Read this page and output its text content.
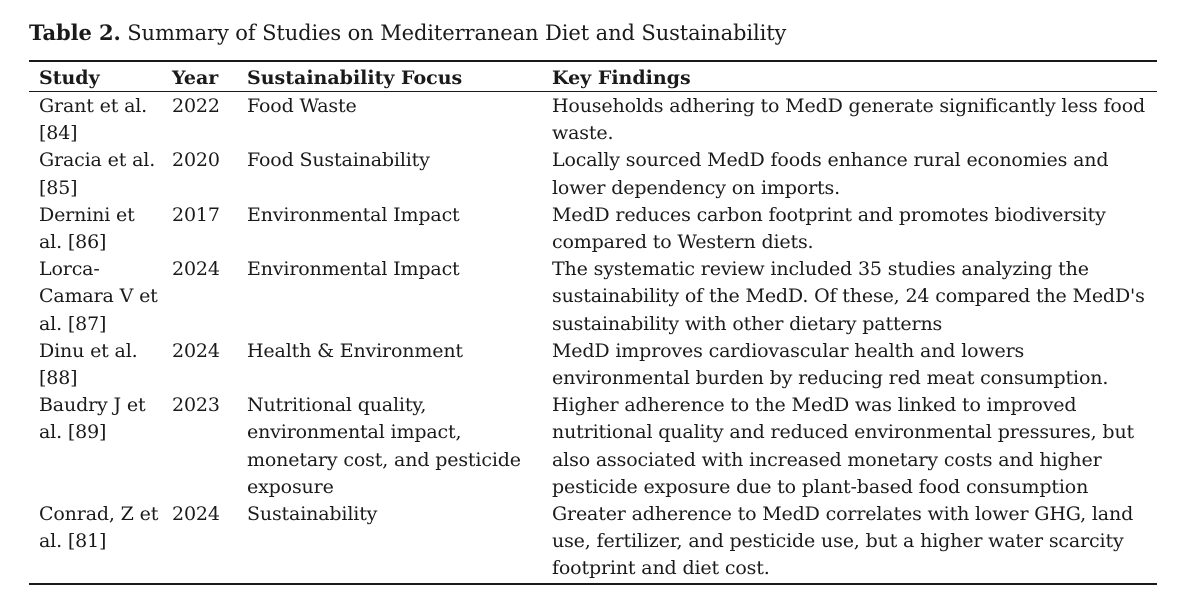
Table 2. Summary of Studies on Mediterranean Diet and Sustainability
Study	Year	Sustainability Focus	Key Findings
Grant et al. [84]	2022	Food Waste	Households adhering to MedD generate significantly less food waste.
Gracia et al. [85]	2020	Food Sustainability	Locally sourced MedD foods enhance rural economies and lower dependency on imports.
Dernini et al. [86]	2017	Environmental Impact	MedD reduces carbon footprint and promotes biodiversity compared to Western diets.
Lorca-Camara V et al. [87]	2024	Environmental Impact	The systematic review included 35 studies analyzing the sustainability of the MedD. Of these, 24 compared the MedD's sustainability with other dietary patterns
Dinu et al. [88]	2024	Health & Environment	MedD improves cardiovascular health and lowers environmental burden by reducing red meat consumption.
Baudry J et al. [89]	2023	Nutritional quality, environmental impact, monetary cost, and pesticide exposure	Higher adherence to the MedD was linked to improved nutritional quality and reduced environmental pressures, but also associated with increased monetary costs and higher pesticide exposure due to plant-based food consumption
Conrad, Z et al. [81]	2024	Sustainability	Greater adherence to MedD correlates with lower GHG, land use, fertilizer, and pesticide use, but a higher water scarcity footprint and diet cost.
